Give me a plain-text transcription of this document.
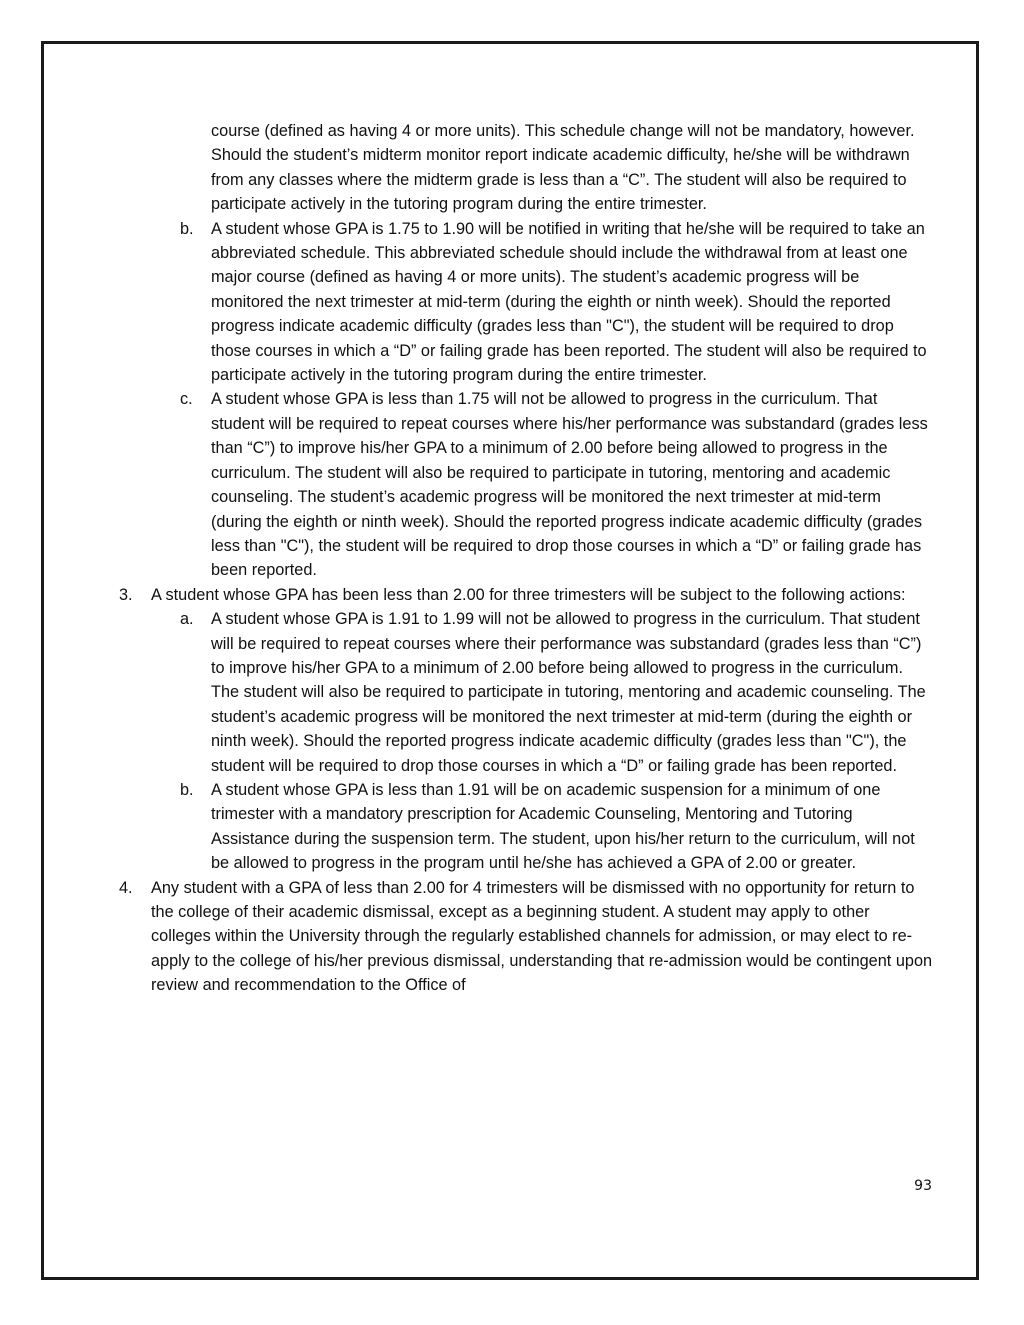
course (defined as having 4 or more units). This schedule change will not be mandatory, however. Should the student’s midterm monitor report indicate academic difficulty, he/she will be withdrawn from any classes where the midterm grade is less than a “C”. The student will also be required to participate actively in the tutoring program during the entire trimester.
b. A student whose GPA is 1.75 to 1.90 will be notified in writing that he/she will be required to take an abbreviated schedule. This abbreviated schedule should include the withdrawal from at least one major course (defined as having 4 or more units). The student’s academic progress will be monitored the next trimester at mid-term (during the eighth or ninth week). Should the reported progress indicate academic difficulty (grades less than "C"), the student will be required to drop those courses in which a “D” or failing grade has been reported. The student will also be required to participate actively in the tutoring program during the entire trimester.
c. A student whose GPA is less than 1.75 will not be allowed to progress in the curriculum. That student will be required to repeat courses where his/her performance was substandard (grades less than “C”) to improve his/her GPA to a minimum of 2.00 before being allowed to progress in the curriculum. The student will also be required to participate in tutoring, mentoring and academic counseling. The student’s academic progress will be monitored the next trimester at mid-term (during the eighth or ninth week). Should the reported progress indicate academic difficulty (grades less than "C"), the student will be required to drop those courses in which a “D” or failing grade has been reported.
3. A student whose GPA has been less than 2.00 for three trimesters will be subject to the following actions:
a. A student whose GPA is 1.91 to 1.99 will not be allowed to progress in the curriculum. That student will be required to repeat courses where their performance was substandard (grades less than “C”) to improve his/her GPA to a minimum of 2.00 before being allowed to progress in the curriculum. The student will also be required to participate in tutoring, mentoring and academic counseling. The student’s academic progress will be monitored the next trimester at mid-term (during the eighth or ninth week). Should the reported progress indicate academic difficulty (grades less than "C"), the student will be required to drop those courses in which a “D” or failing grade has been reported.
b. A student whose GPA is less than 1.91 will be on academic suspension for a minimum of one trimester with a mandatory prescription for Academic Counseling, Mentoring and Tutoring Assistance during the suspension term. The student, upon his/her return to the curriculum, will not be allowed to progress in the program until he/she has achieved a GPA of 2.00 or greater.
4. Any student with a GPA of less than 2.00 for 4 trimesters will be dismissed with no opportunity for return to the college of their academic dismissal, except as a beginning student. A student may apply to other colleges within the University through the regularly established channels for admission, or may elect to re-apply to the college of his/her previous dismissal, understanding that re-admission would be contingent upon review and recommendation to the Office of
93
